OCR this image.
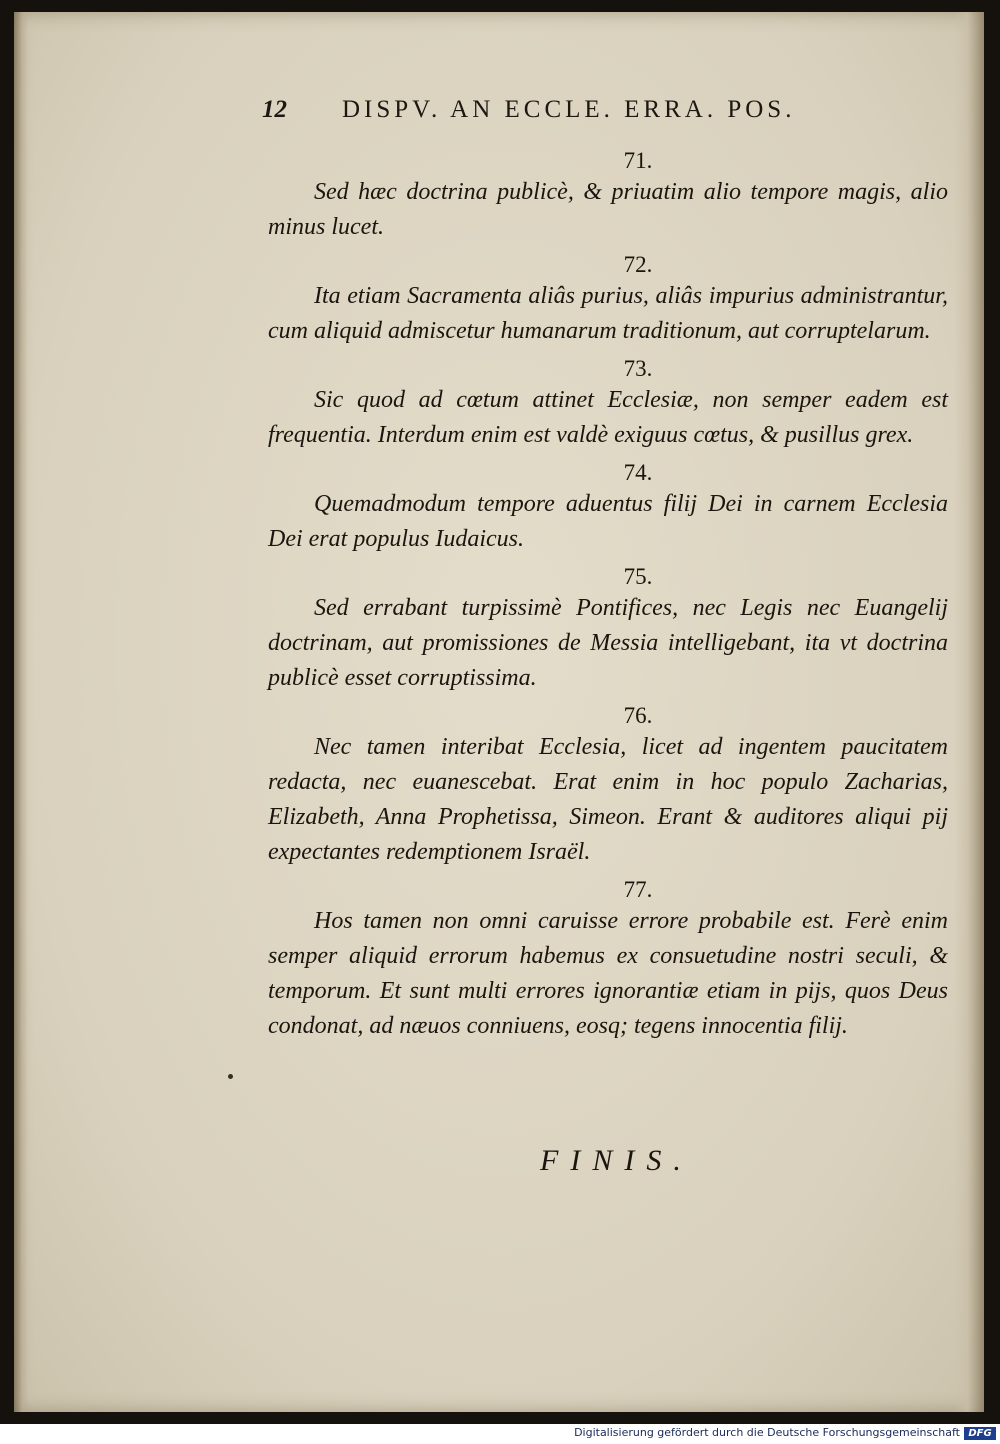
12 DISPV. AN ECCLE. ERRA. POS.
71.

Sed hæc doctrina publicè, & priuatim alio tempore magis, alio minus lucet.

72.

Ita etiam Sacramenta aliâs purius, aliâs impurius administrantur, cum aliquid admiscetur humanarum traditionum, aut corruptelarum.

73.

Sic quod ad cœtum attinet Ecclesiæ, non semper eadem est frequentia. Interdum enim est valdè exiguus cœtus, & pusillus grex.

74.

Quemadmodum tempore aduentus filij Dei in carnem Ecclesia Dei erat populus Iudaicus.

75.

Sed errabant turpissimè Pontifices, nec Legis nec Euangelij doctrinam, aut promissiones de Messia intelligebant, ita vt doctrina publicè esset corruptissima.

76.

Nec tamen interibat Ecclesia, licet ad ingentem paucitatem redacta, nec euanescebat. Erat enim in hoc populo Zacharias, Elizabeth, Anna Prophetissa, Simeon. Erant & auditores aliqui pij expectantes redemptionem Israël.

77.

Hos tamen non omni caruisse errore probabile est. Ferè enim semper aliquid errorum habemus ex consuetudine nostri seculi, & temporum. Et sunt multi errores ignorantiæ etiam in pijs, quos Deus condonat, ad næuos conniuens, eosq; tegens innocentia filij.

FINIS.
Digitalisierung gefördert durch die Deutsche Forschungsgemeinschaft DFG
